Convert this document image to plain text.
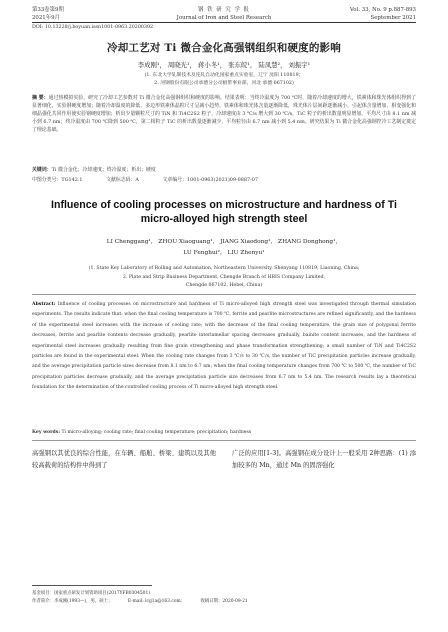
第33卷第9期
2021年9月
钢 铁 研 究 学 报
Journal of Iron and Steel Research
Vol. 33, No. 9 p.887-893
September 2021
DOI: 10.13228/j.boyuan.issn1001-0963.20200302
冷却工艺对 Ti 微合金化高强钢组织和硬度的影响
李成刚¹， 周晓光¹， 蒋小冬¹， 张东皖¹， 陆凤慧²， 刘振宇¹
(1. 东北大学轧制技术及连轧自动化国家重点实验室，辽宁 沈阳 110819；
2. 河钢股份有限公司承德分公司板带事业部，河北 承德 067102)
摘 要：通过热模拟实验，研究了冷却工艺参数对 Ti 微合金化高强钢组织和硬度的影响。结果表明：当终冷温度为 700 ℃时，随着冷却速度的增大，铁素体和珠光体组织得到了显著细化，实验钢硬度增加；随着冷却温度的降低，多边形铁素体晶粒尺寸呈减小趋势，铁素体和珠光体含量逐渐降低，珠光体片层间距逐渐减小，引起体含量增加，相变强化和细晶强化共同作用使实验钢硬度增加；析出少量颗粒尺寸的 TiN 和 Ti4C2S2 粒子，冷却速度由 3 ℃/s 增大到 30 ℃/s，TiC 粒子的析出数量明显增加，平均尺寸由 8.1 nm 减小到 6.7 nm；终冷温度由 700 ℃降到 500 ℃，第二相粒子 TiC 的析出数量逐渐减少，平均粒径由 6.7 nm 减小到 5.4 nm。研究结果为 Ti 微合金化高强钢控冷工艺制定奠定了理论基础。
关键词：Ti 微合金化；冷却速度；终冷温度；析出；硬度
中图分类号：TG142.1	文献标志码：A	文章编号：1001-0963(2021)09-0887-07
Influence of cooling processes on microstructure and hardness of Ti micro-alloyed high strength steel
LI Chenggang¹， ZHOU Xiaoguang¹， JIANG Xiaodong¹， ZHANG Donghong¹，
LU Fenghui²， LIU Zhenyu¹
(1. State Key Laboratory of Rolling and Automation, Northeastern University, Shenyang 110819, Liaoning, China;
2. Plate and Strip Business Department, Chengde Branch of HBIS Company Limited,
Chengde 067102, Hebei, China)
Abstract: Influence of cooling processes on microstructure and hardness of Ti micro-alloyed high strength steel was investigated through thermal simulation experiments. The results indicate that: when the final cooling temperature is 700 ℃, ferrite and pearlite microstructures are refined significantly, and the hardness of the experimental steel increases with the increase of cooling rate; with the decrease of the final cooling temperature, the grain size of polygonal ferrite decreases, ferrite and pearlite contents decrease gradually, pearlite interlamellar spacing decreases gradually, bainite content increases, and the hardness of experimental steel increases gradually resulting from fine grain strengthening and phase transformation strengthening; a small number of TiN and Ti4C2S2 particles are found in the experimental steel. When the cooling rate changes from 3 ℃/s to 30 ℃/s, the number of TiC precipitation particles increase gradually, and the average precipitation particle sizes decrease from 8.1 nm to 6.7 nm; when the final cooling temperature changes from 700 ℃ to 500 ℃, the number of TiC precipitation particles decrease gradually, and the average precipitation particle size decreases from 6.7 nm to 5.4 nm. The research results lay a theoretical foundation for the determination of the controlled cooling process of Ti micro-alloyed high strength steel.
Key words: Ti micro-alloying; cooling rate; final cooling temperature; precipitation; hardness
高强钢以其优良的综合性能，在车辆、船舶、桥梁、建筑以及其他较高载荷的结构件中得到了
广泛的应用[1-3]。高强钢在成分设计上一般采用 2种思路：(1) 添加较多的 Mn，通过 Mn 的固溶强化
基金项目：国家重点研发计划资助项目(2017YFB0304501)
作者简介：李成刚(1993—)，男，硕士；	E-mail: lcg1a@163.com；	收稿日期：2020-09-21
